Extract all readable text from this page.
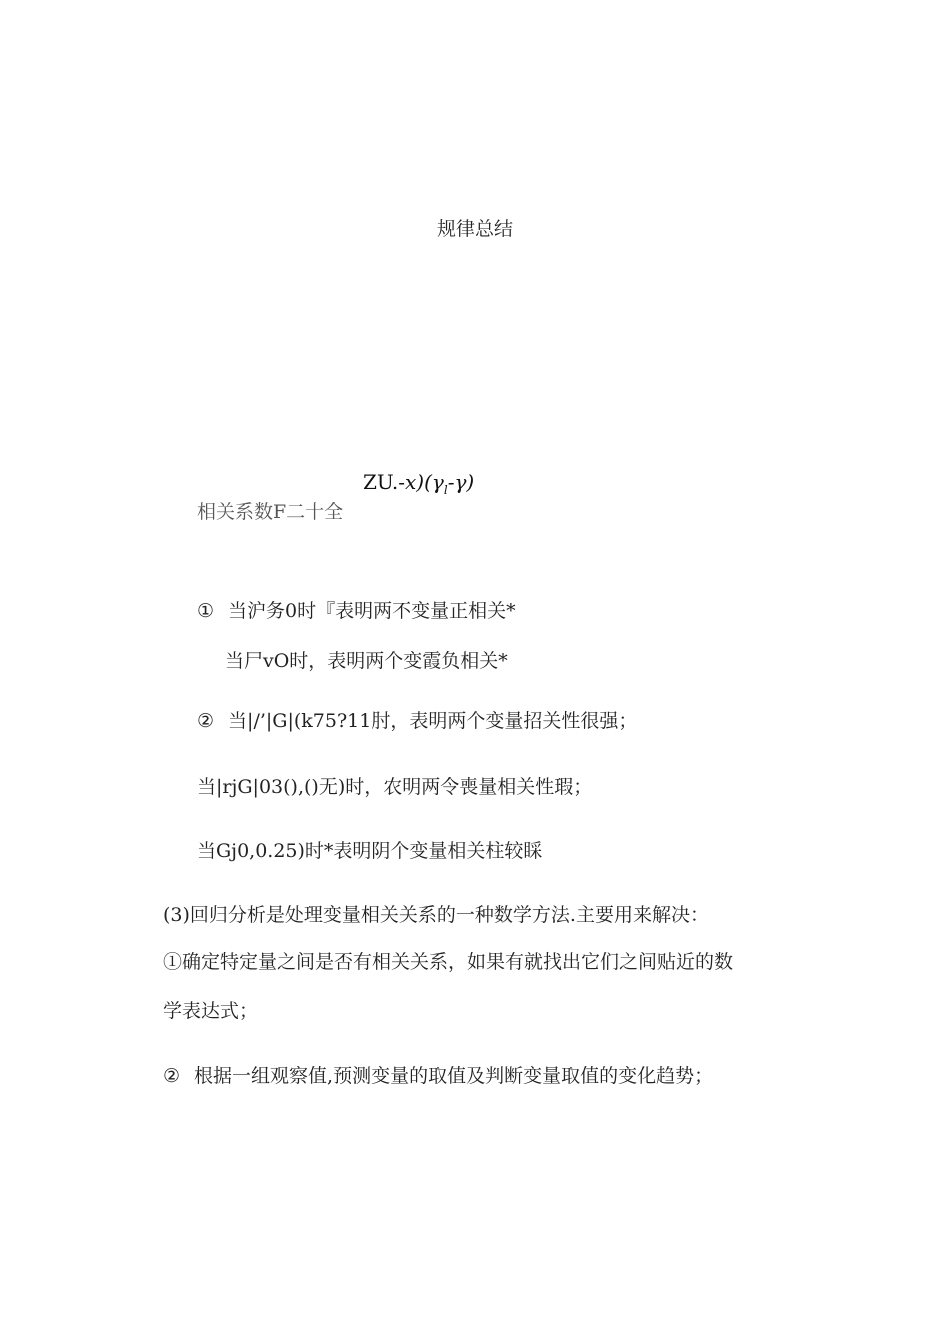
规律总结
$ZU.-x)(\gamma_l-\gamma)$
相关系数F二十全
① 当沪务0时『表明两不变量正相关*
当尸vO时，表明两个变霞负相关*
② 当|/’|G|(k75?11肘，表明两个变量招关性很强；
当|rjG|03(),()无)时，农明两令喪量相关性瑕；
当Gj0,0.25)时*表明阴个变量相关柱较睬
(3)回归分析是处理变量相关关系的一种数学方法.主要用来解决：
①确定特定量之间是否有相关关系，如果有就找出它们之间贴近的数
学表达式；
② 根据一组观察值,预测变量的取值及判断变量取值的变化趋势；
